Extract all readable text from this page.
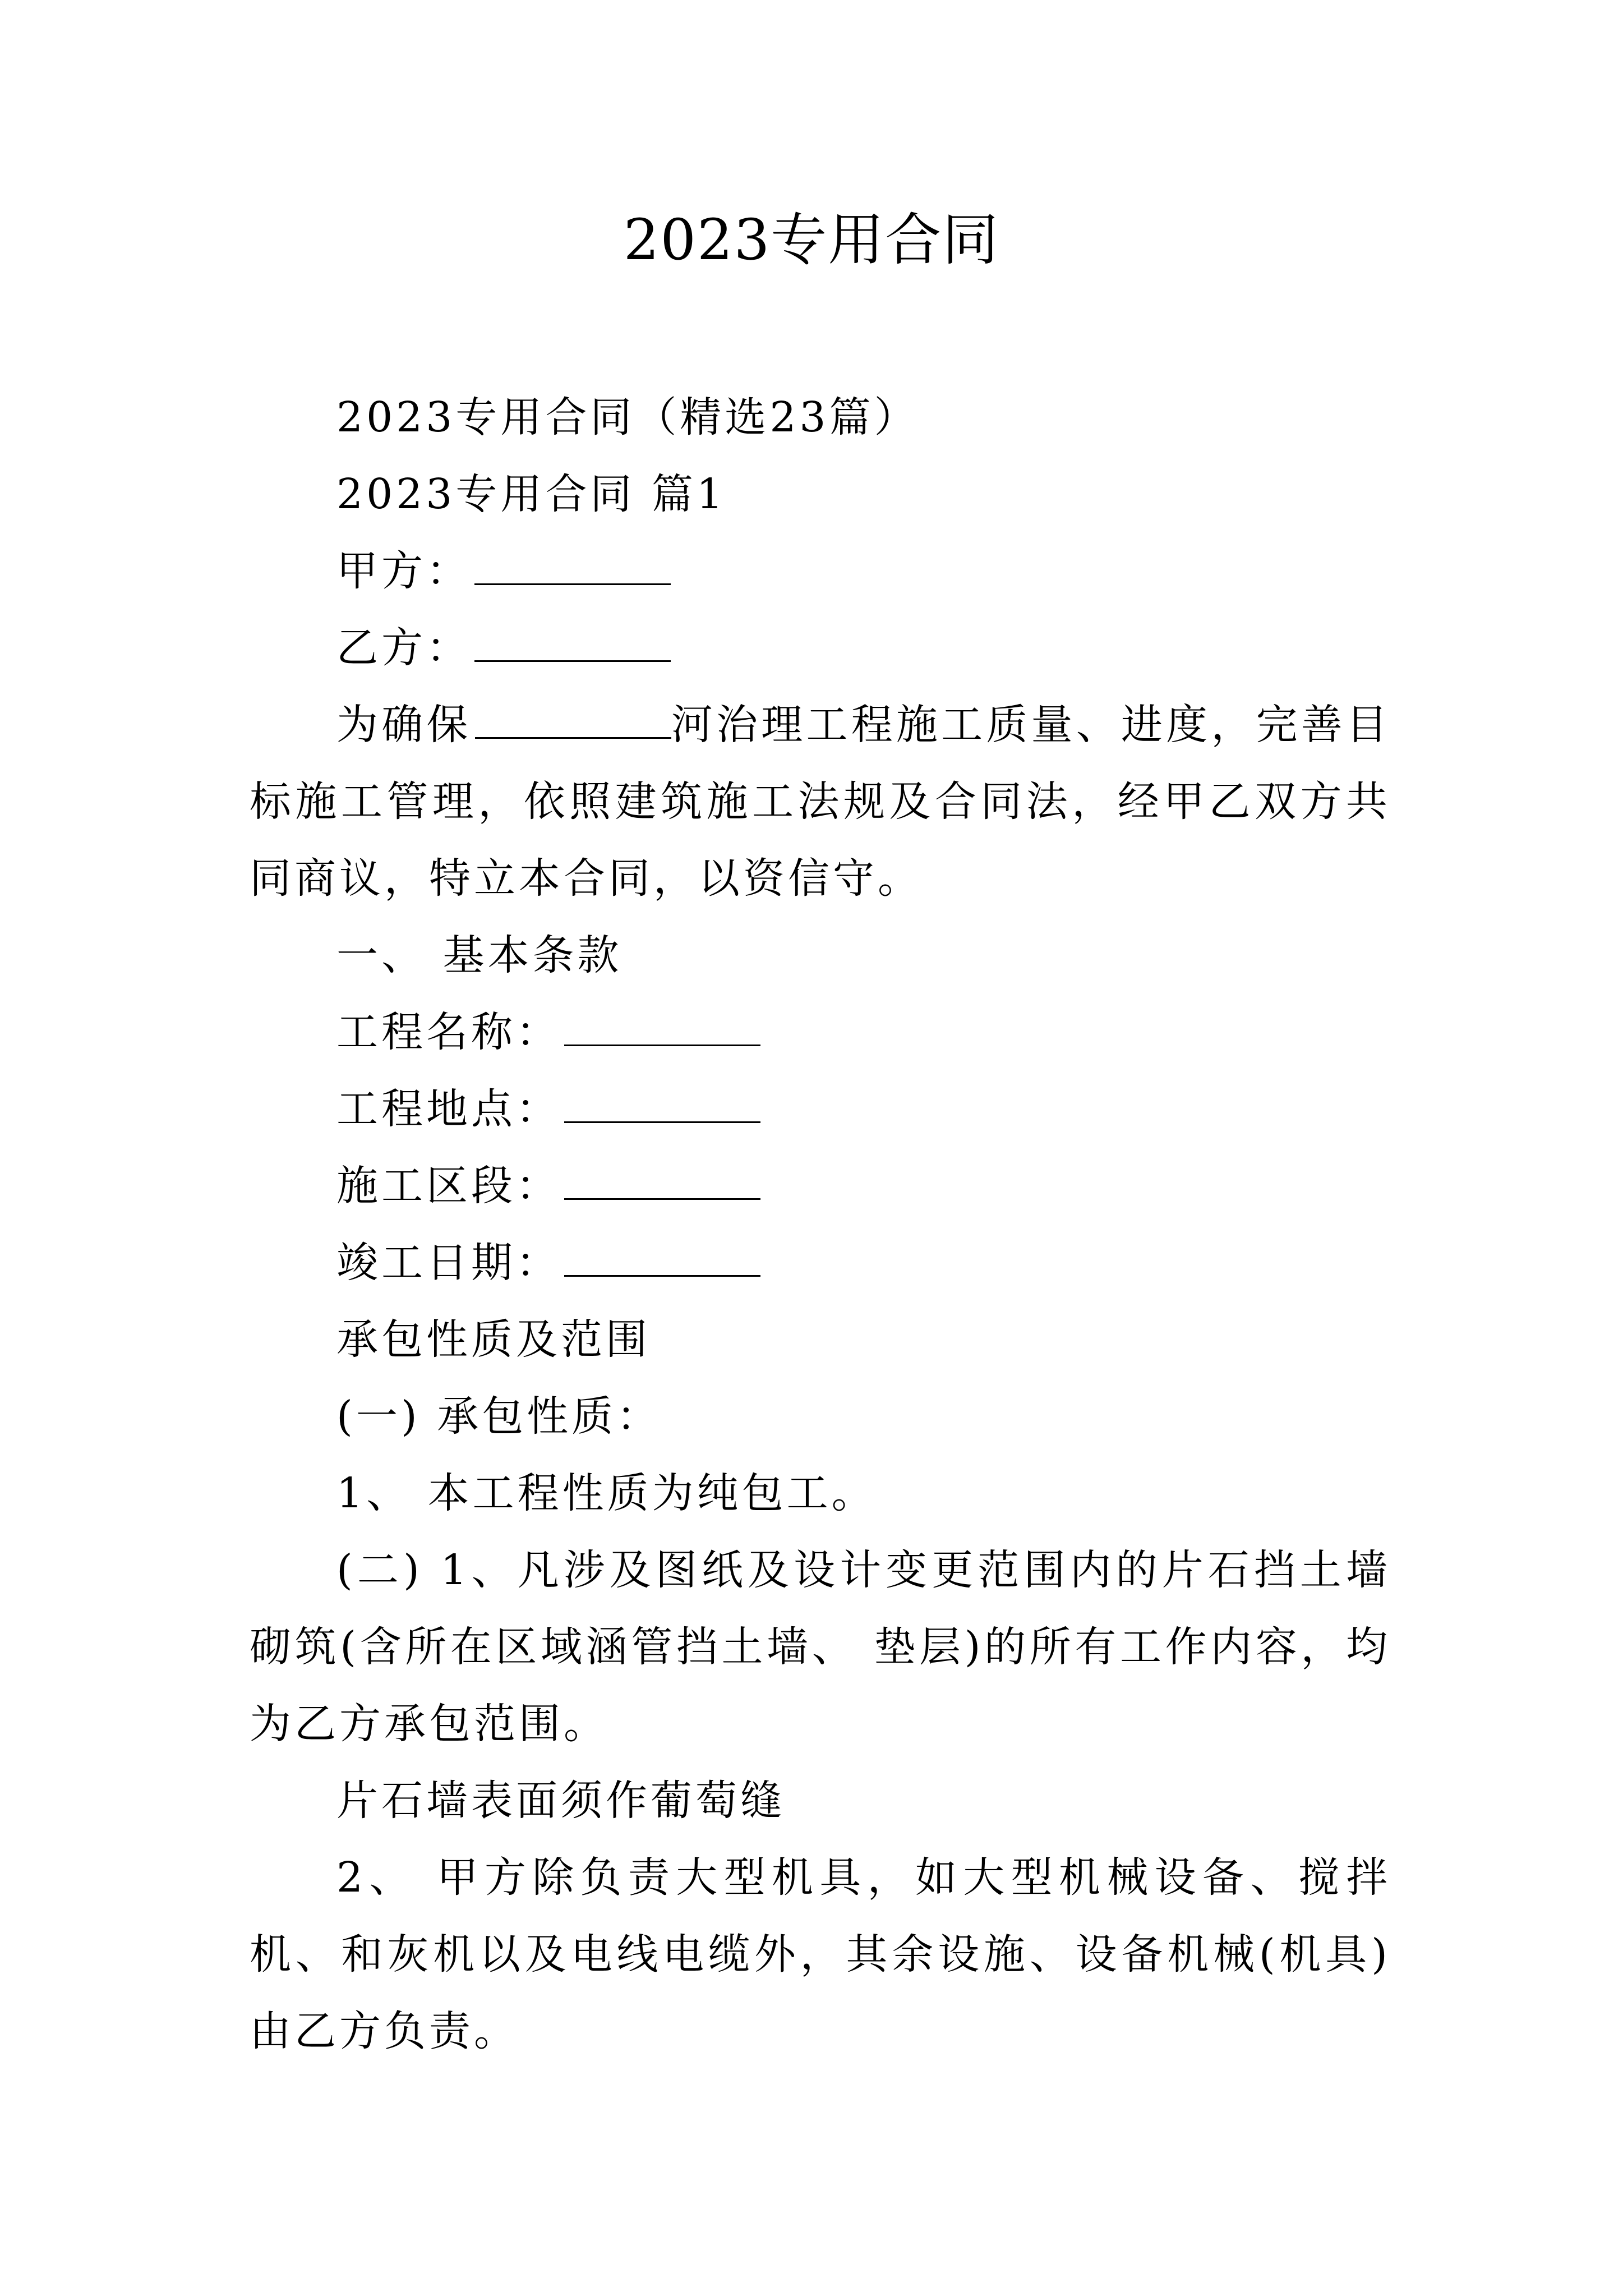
2023专用合同

2023专用合同（精选23篇）

2023专用合同 篇1

甲方：

乙方：

为确保	河治理工程施工质量、进度，完善目标施工管理，依照建筑施工法规及合同法，经甲乙双方共同商议，特立本合同，以资信守。

一、 基本条款

工程名称：

工程地点：

施工区段：

竣工日期：

承包性质及范围

(一) 承包性质：

1、 本工程性质为纯包工。

(二) 1、凡涉及图纸及设计变更范围内的片石挡土墙砌筑(含所在区域涵管挡土墙、 垫层)的所有工作内容，均为乙方承包范围。

片石墙表面须作葡萄缝

2、 甲方除负责大型机具，如大型机械设备、搅拌机、和灰机以及电线电缆外，其余设施、设备机械(机具)由乙方负责。
